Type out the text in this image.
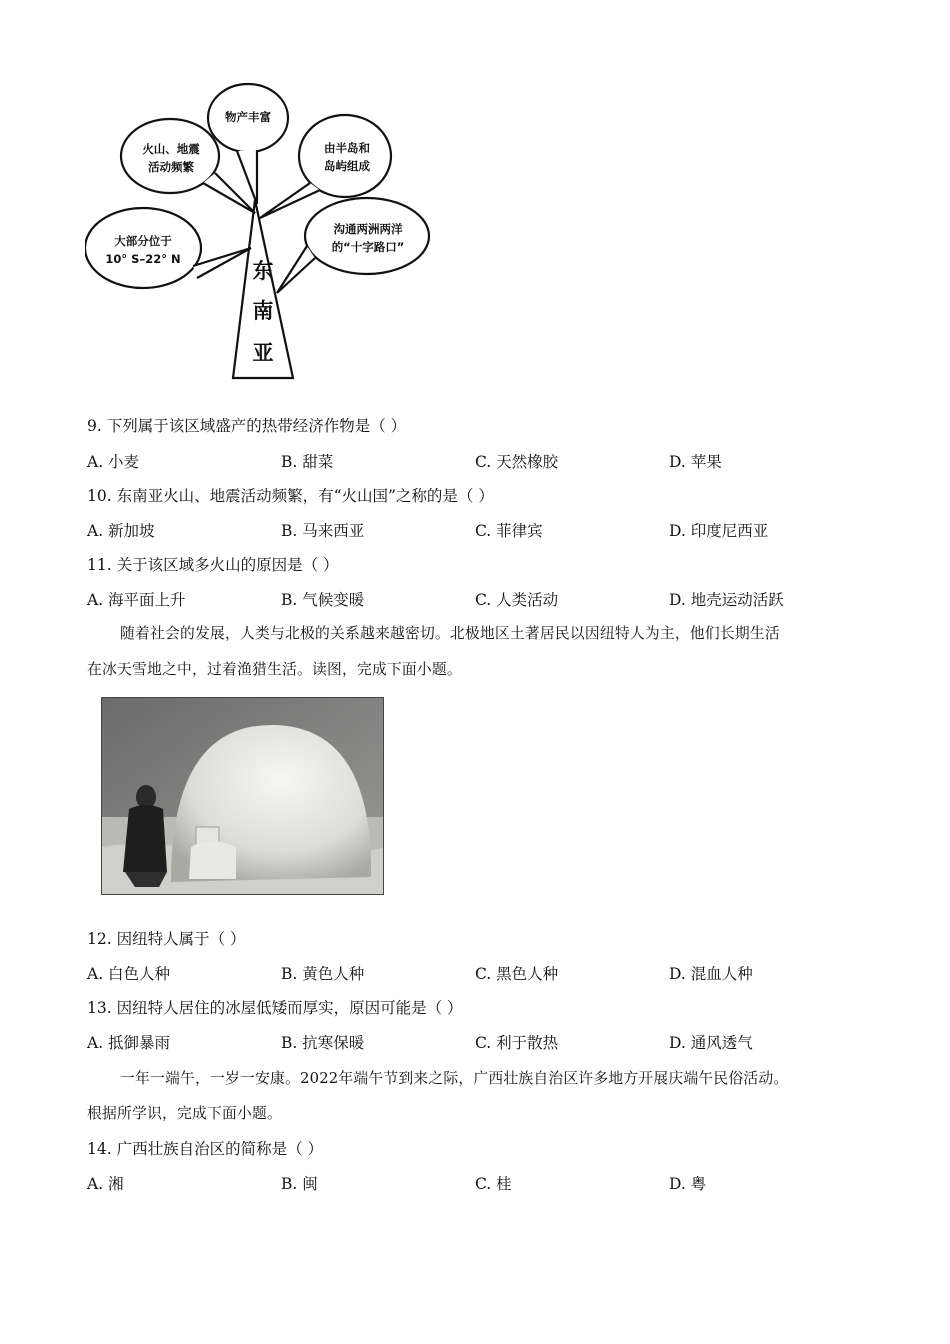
物产丰富
火山、地震
活动频繁
由半岛和
岛屿组成
大部分位于
10° S–22° N
沟通两洲两洋
的“十字路口”
东
南
亚
9. 下列属于该区域盛产的热带经济作物是（ ）
A. 小麦	B. 甜菜	C. 天然橡胶	D. 苹果
10. 东南亚火山、地震活动频繁，有“火山国”之称的是（ ）
A. 新加坡	B. 马来西亚	C. 菲律宾	D. 印度尼西亚
11. 关于该区域多火山的原因是（ ）
A. 海平面上升	B. 气候变暖	C. 人类活动	D. 地壳运动活跃
随着社会的发展，人类与北极的关系越来越密切。北极地区土著居民以因纽特人为主，他们长期生活
在冰天雪地之中，过着渔猎生活。读图，完成下面小题。
12. 因纽特人属于（ ）
A. 白色人种	B. 黄色人种	C. 黑色人种	D. 混血人种
13. 因纽特人居住的冰屋低矮而厚实，原因可能是（ ）
A. 抵御暴雨	B. 抗寒保暖	C. 利于散热	D. 通风透气
一年一端午，一岁一安康。2022年端午节到来之际，广西壮族自治区许多地方开展庆端午民俗活动。
根据所学识，完成下面小题。
14. 广西壮族自治区的简称是（ ）
A. 湘	B. 闽	C. 桂	D. 粤
